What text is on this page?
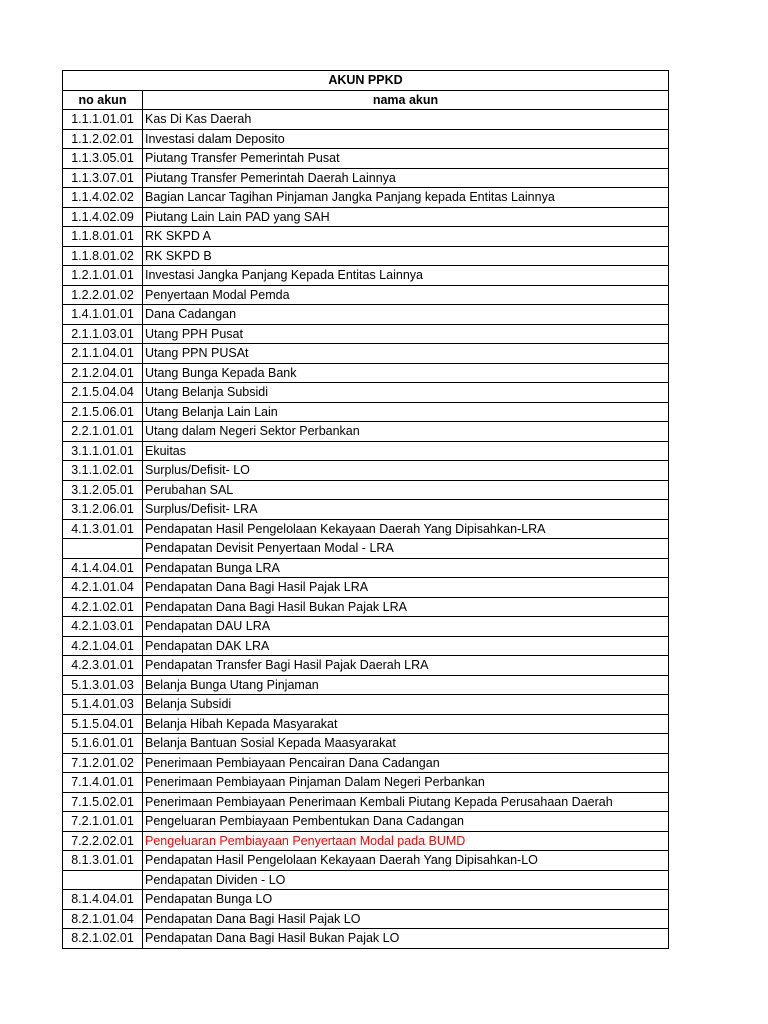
AKUN PPKD	
no akun	nama akun
1.1.1.01.01	Kas Di Kas Daerah
1.1.2.02.01	Investasi dalam Deposito
1.1.3.05.01	Piutang Transfer Pemerintah Pusat
1.1.3.07.01	Piutang Transfer Pemerintah Daerah Lainnya
1.1.4.02.02	Bagian Lancar Tagihan Pinjaman Jangka Panjang kepada Entitas Lainnya
1.1.4.02.09	Piutang Lain Lain PAD yang SAH
1.1.8.01.01	RK SKPD A
1.1.8.01.02	RK SKPD B
1.2.1.01.01	Investasi Jangka Panjang Kepada Entitas Lainnya
1.2.2.01.02	Penyertaan Modal Pemda
1.4.1.01.01	Dana Cadangan
2.1.1.03.01	Utang PPH Pusat
2.1.1.04.01	Utang PPN PUSAt
2.1.2.04.01	Utang Bunga Kepada Bank
2.1.5.04.04	Utang Belanja Subsidi
2.1.5.06.01	Utang Belanja Lain Lain
2.2.1.01.01	Utang dalam Negeri Sektor Perbankan
3.1.1.01.01	Ekuitas
3.1.1.02.01	Surplus/Defisit- LO
3.1.2.05.01	Perubahan SAL
3.1.2.06.01	Surplus/Defisit- LRA
4.1.3.01.01	Pendapatan Hasil Pengelolaan Kekayaan Daerah Yang Dipisahkan-LRA
	Pendapatan Devisit Penyertaan Modal - LRA
4.1.4.04.01	Pendapatan Bunga LRA
4.2.1.01.04	Pendapatan Dana Bagi Hasil Pajak LRA
4.2.1.02.01	Pendapatan Dana Bagi Hasil Bukan Pajak LRA
4.2.1.03.01	Pendapatan DAU LRA
4.2.1.04.01	Pendapatan DAK LRA
4.2.3.01.01	Pendapatan Transfer Bagi Hasil Pajak Daerah LRA
5.1.3.01.03	Belanja Bunga Utang Pinjaman
5.1.4.01.03	Belanja Subsidi
5.1.5.04.01	Belanja Hibah Kepada Masyarakat
5.1.6.01.01	Belanja Bantuan Sosial Kepada Maasyarakat
7.1.2.01.02	Penerimaan Pembiayaan Pencairan Dana Cadangan
7.1.4.01.01	Penerimaan Pembiayaan Pinjaman Dalam Negeri Perbankan
7.1.5.02.01	Penerimaan Pembiayaan Penerimaan Kembali Piutang Kepada Perusahaan Daerah
7.2.1.01.01	Pengeluaran Pembiayaan Pembentukan Dana Cadangan
7.2.2.02.01	Pengeluaran Pembiayaan Penyertaan Modal pada BUMD
8.1.3.01.01	Pendapatan Hasil Pengelolaan Kekayaan Daerah Yang Dipisahkan-LO
	Pendapatan Dividen - LO
8.1.4.04.01	Pendapatan Bunga LO
8.2.1.01.04	Pendapatan Dana Bagi Hasil Pajak LO
8.2.1.02.01	Pendapatan Dana Bagi Hasil Bukan Pajak LO
